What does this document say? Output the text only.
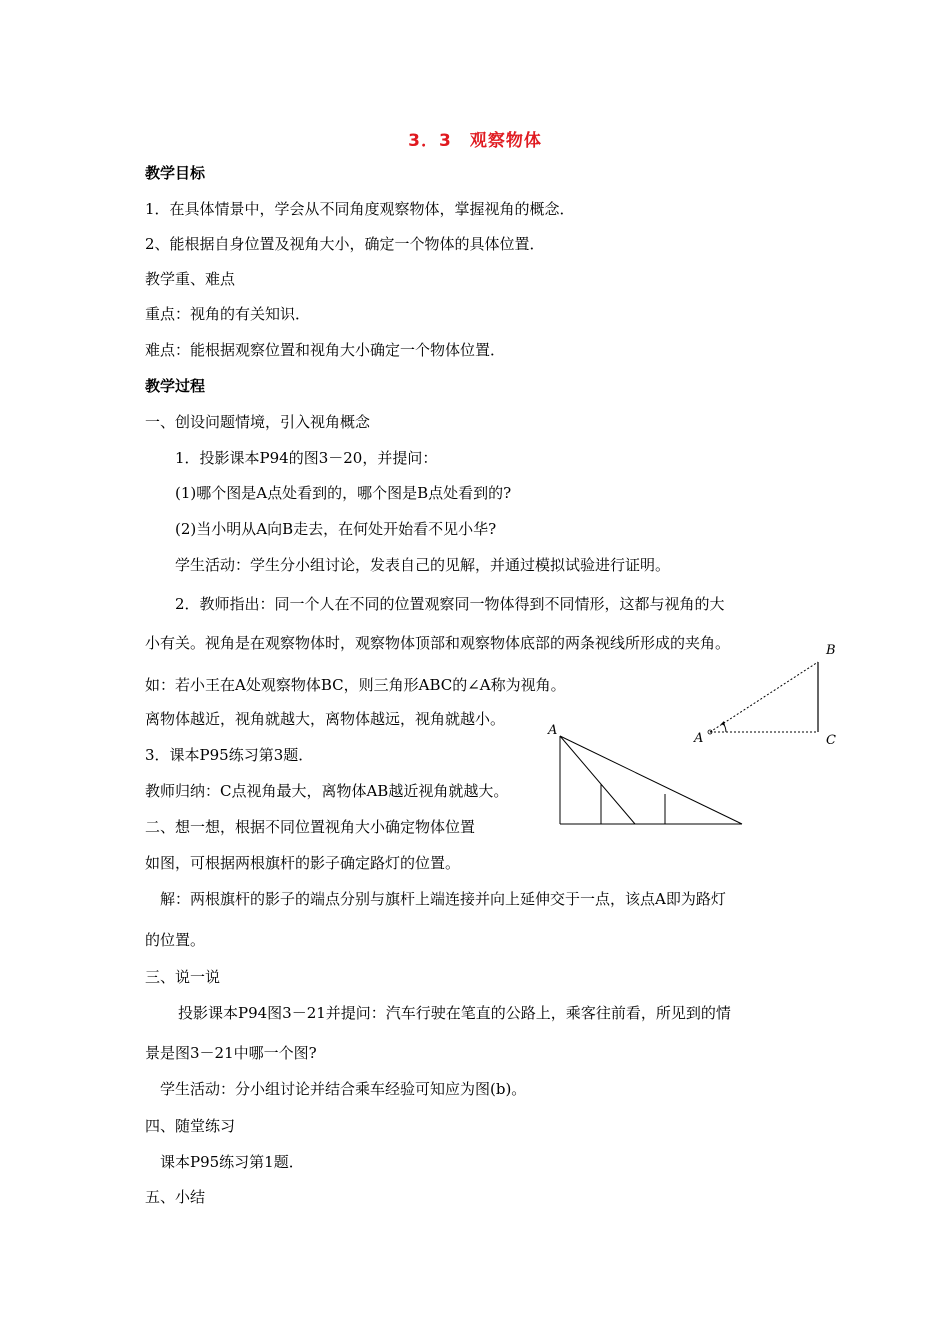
3．3　观察物体
教学目标
1．在具体情景中，学会从不同角度观察物体，掌握视角的概念．
2、能根据自身位置及视角大小，确定一个物体的具体位置．
教学重、难点
重点：视角的有关知识．
难点：能根据观察位置和视角大小确定一个物体位置．
教学过程
一、创设问题情境，引入视角概念
1．投影课本P94的图3－20，并提问：
(1)哪个图是A点处看到的，哪个图是B点处看到的?
(2)当小明从A向B走去，在何处开始看不见小华?
学生活动：学生分小组讨论，发表自己的见解，并通过模拟试验进行证明。
2．教师指出：同一个人在不同的位置观察同一物体得到不同情形，这都与视角的大
小有关。视角是在观察物体时，观察物体顶部和观察物体底部的两条视线所形成的夹角。
如：若小王在A处观察物体BC，则三角形ABC的∠A称为视角。
离物体越近，视角就越大，离物体越远，视角就越小。
3．课本P95练习第3题．
教师归纳：C点视角最大，离物体AB越近视角就越大。
二、想一想，根据不同位置视角大小确定物体位置
如图，可根据两根旗杆的影子确定路灯的位置。
解：两根旗杆的影子的端点分别与旗杆上端连接并向上延伸交于一点，该点A即为路灯
的位置。
三、说一说
投影课本P94图3－21并提问：汽车行驶在笔直的公路上，乘客往前看，所见到的情
景是图3－21中哪一个图?
学生活动：分小组讨论并结合乘车经验可知应为图(b)。
四、随堂练习
课本P95练习第1题．
五、小结
A
B
C
A
